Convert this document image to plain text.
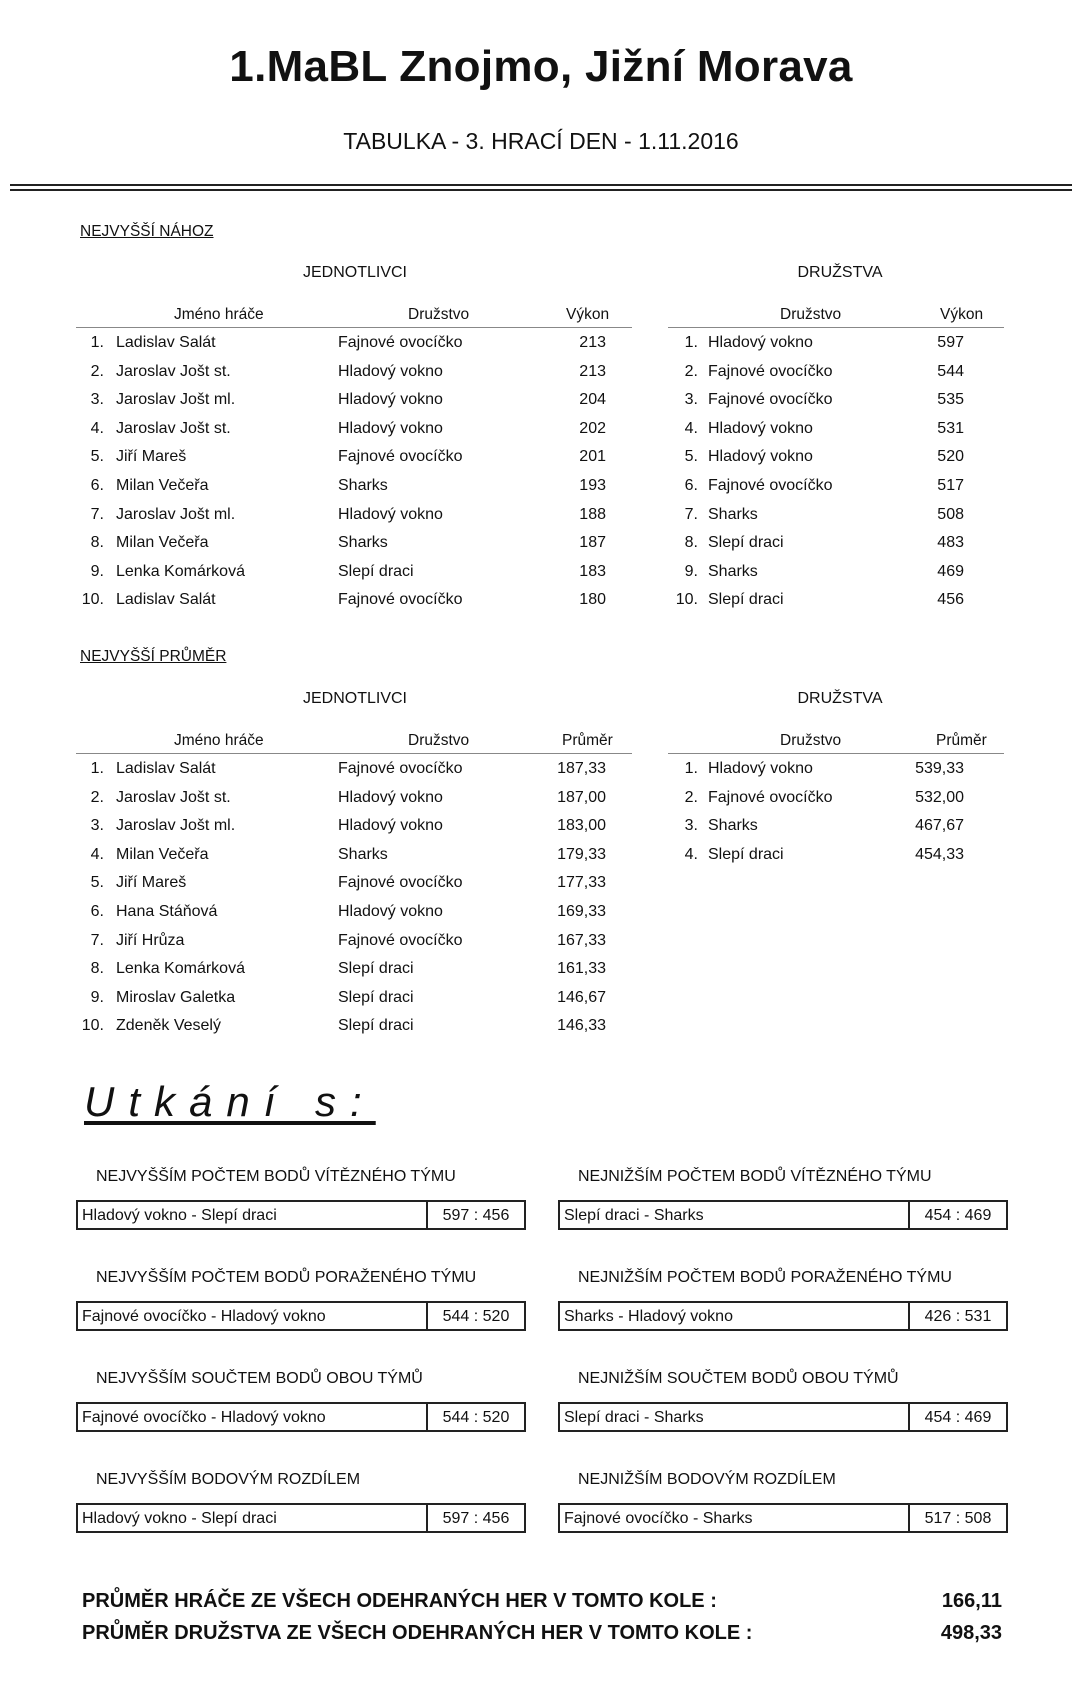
1.MaBL Znojmo, Jižní Morava
TABULKA - 3. HRACÍ DEN - 1.11.2016
NEJVYŠŠÍ NÁHOZ
JEDNOTLIVCI	DRUŽSTVA
Jméno hráče	Družstvo	Výkon
1. Ladislav Salát	Fajnové ovocíčko	213
2. Jaroslav Jošt st.	Hladový vokno	213
3. Jaroslav Jošt ml.	Hladový vokno	204
4. Jaroslav Jošt st.	Hladový vokno	202
5. Jiří Mareš	Fajnové ovocíčko	201
6. Milan Večeřa	Sharks	193
7. Jaroslav Jošt ml.	Hladový vokno	188
8. Milan Večeřa	Sharks	187
9. Lenka Komárková	Slepí draci	183
10. Ladislav Salát	Fajnové ovocíčko	180
Družstvo	Výkon
1. Hladový vokno	597
2. Fajnové ovocíčko	544
3. Fajnové ovocíčko	535
4. Hladový vokno	531
5. Hladový vokno	520
6. Fajnové ovocíčko	517
7. Sharks	508
8. Slepí draci	483
9. Sharks	469
10. Slepí draci	456
NEJVYŠŠÍ PRŮMĚR
JEDNOTLIVCI	DRUŽSTVA
Jméno hráče	Družstvo	Průměr
1. Ladislav Salát	Fajnové ovocíčko	187,33
2. Jaroslav Jošt st.	Hladový vokno	187,00
3. Jaroslav Jošt ml.	Hladový vokno	183,00
4. Milan Večeřa	Sharks	179,33
5. Jiří Mareš	Fajnové ovocíčko	177,33
6. Hana Stáňová	Hladový vokno	169,33
7. Jiří Hrůza	Fajnové ovocíčko	167,33
8. Lenka Komárková	Slepí draci	161,33
9. Miroslav Galetka	Slepí draci	146,67
10. Zdeněk Veselý	Slepí draci	146,33
Družstvo	Průměr
1. Hladový vokno	539,33
2. Fajnové ovocíčko	532,00
3. Sharks	467,67
4. Slepí draci	454,33
Utkání s:
NEJVYŠŠÍM POČTEM BODŮ VÍTĚZNÉHO TÝMU
Hladový vokno - Slepí draci	597 : 456
NEJNIŽŠÍM POČTEM BODŮ VÍTĚZNÉHO TÝMU
Slepí draci - Sharks	454 : 469
NEJVYŠŠÍM POČTEM BODŮ PORAŽENÉHO TÝMU
Fajnové ovocíčko - Hladový vokno	544 : 520
NEJNIŽŠÍM POČTEM BODŮ PORAŽENÉHO TÝMU
Sharks - Hladový vokno	426 : 531
NEJVYŠŠÍM SOUČTEM BODŮ OBOU TÝMŮ
Fajnové ovocíčko - Hladový vokno	544 : 520
NEJNIŽŠÍM SOUČTEM BODŮ OBOU TÝMŮ
Slepí draci - Sharks	454 : 469
NEJVYŠŠÍM BODOVÝM ROZDÍLEM
Hladový vokno - Slepí draci	597 : 456
NEJNIŽŠÍM BODOVÝM ROZDÍLEM
Fajnové ovocíčko - Sharks	517 : 508
PRŮMĚR HRÁČE ZE VŠECH ODEHRANÝCH HER V TOMTO KOLE :	166,11
PRŮMĚR DRUŽSTVA ZE VŠECH ODEHRANÝCH HER V TOMTO KOLE :	498,33
